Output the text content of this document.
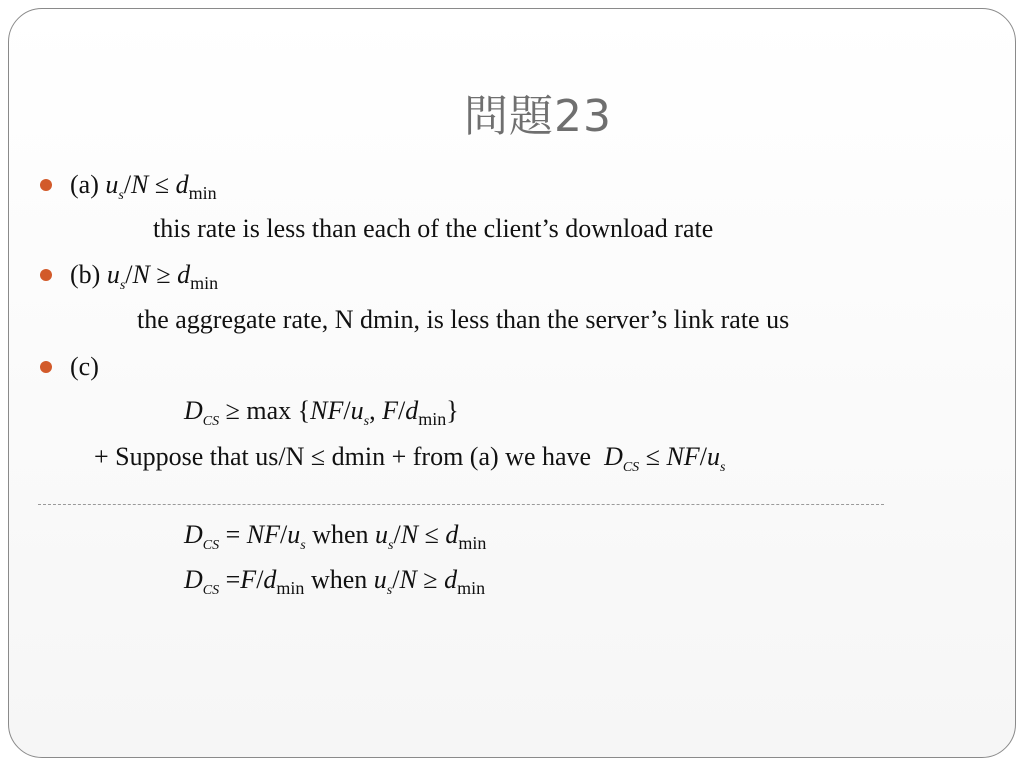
問題23
(a) $u_s/N \le d_{min}$
this rate is less than each of the client’s download rate
(b) $u_s/N \ge d_{min}$
the aggregate rate, N dmin, is less than the server’s link rate us
(c)
$D_{CS} \ge \max \{NF/u_s$, $F/d_{min}$}
+ Suppose that us/N ≤ dmin + from (a) we have $D_{CS} \le NF/u_s$
$D_{CS} = NF/u_s$ when $u_s/N \le d_{min}$
$D_{CS} =F/d_{min}$ when $u_s/N \ge d_{min}$
